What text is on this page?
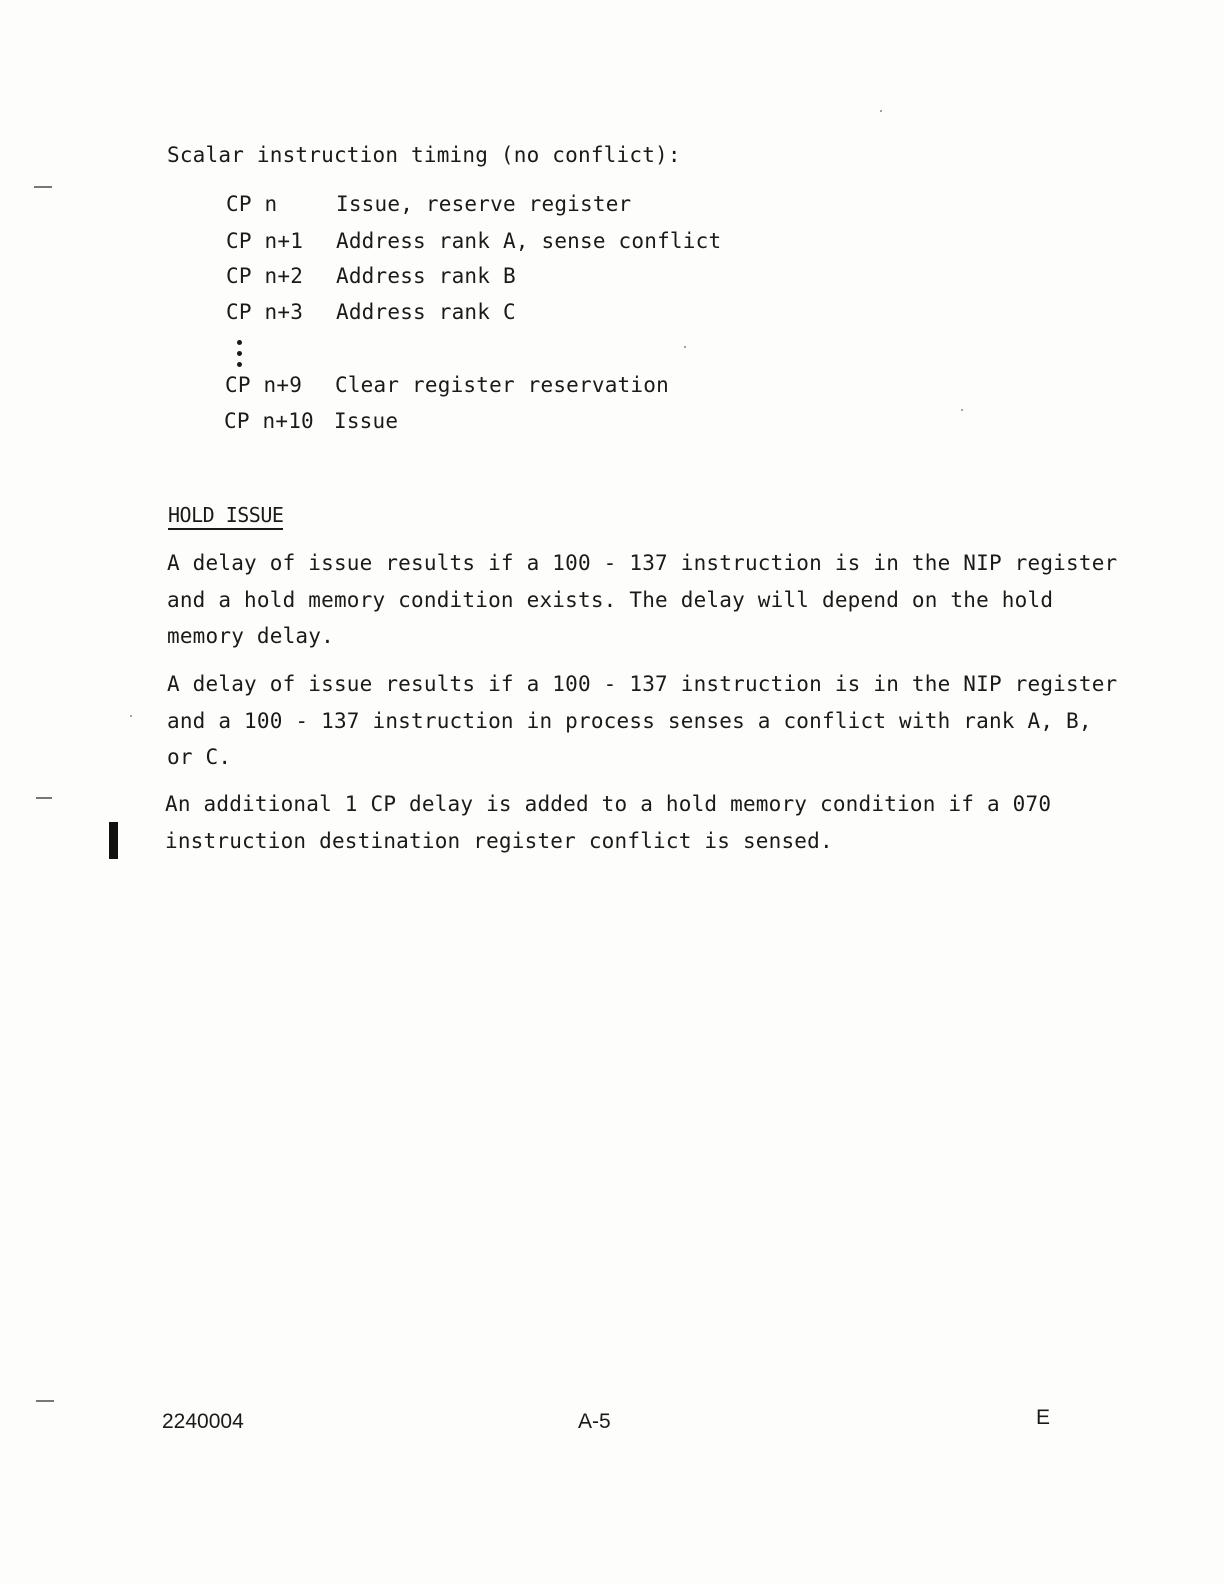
Scalar instruction timing (no conflict):
CP n	Issue, reserve register
CP n+1 Address rank A, sense conflict
CP n+2 Address rank B
CP n+3 Address rank C
CP n+9 Clear register reservation
CP n+10 Issue
HOLD ISSUE
A delay of issue results if a 100 - 137 instruction is in the NIP register
and a hold memory condition exists. The delay will depend on the hold
memory delay.
A delay of issue results if a 100 - 137 instruction is in the NIP register
and a 100 - 137 instruction in process senses a conflict with rank A, B,
or C.
An additional 1 CP delay is added to a hold memory condition if a 070
instruction destination register conflict is sensed.
2240004	A-5	E
